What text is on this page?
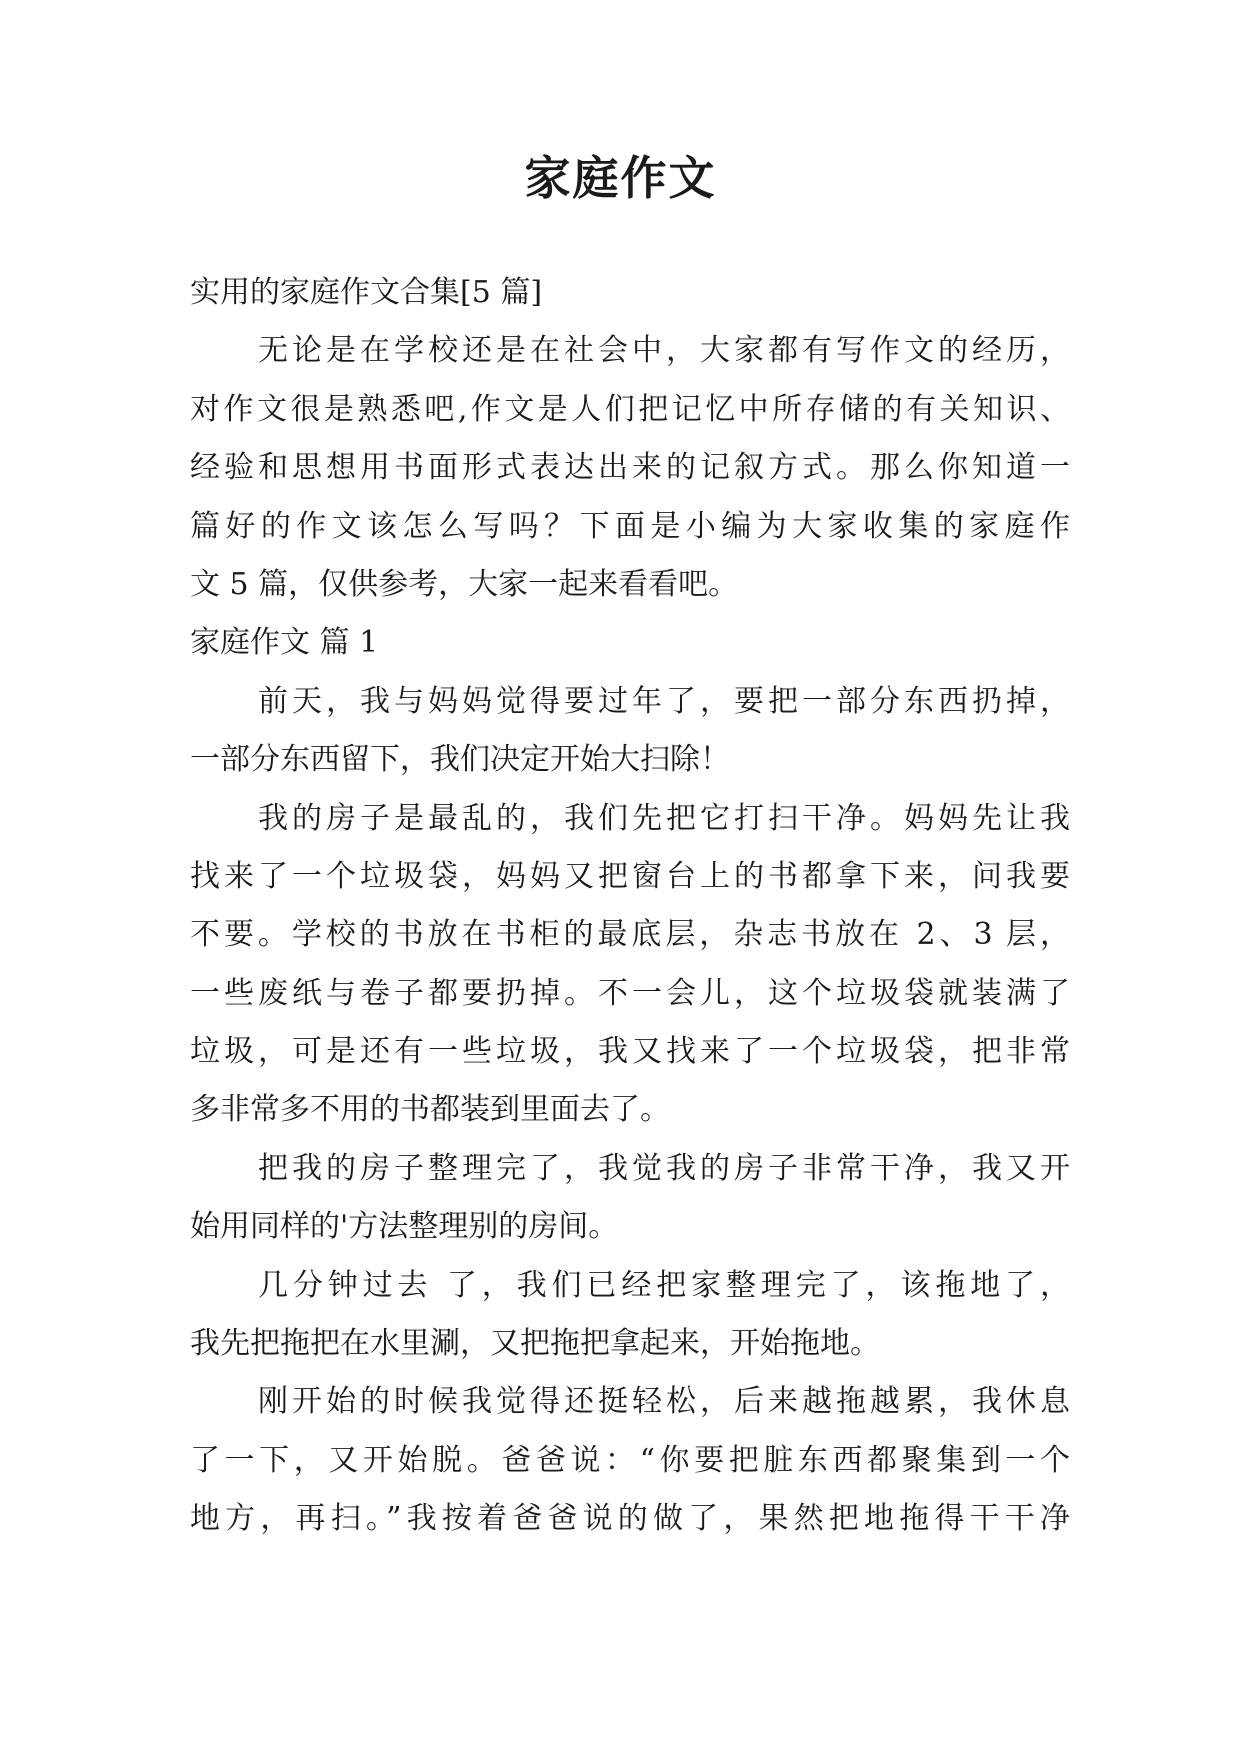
家庭作文
实用的家庭作文合集[5 篇]
无论是在学校还是在社会中，大家都有写作文的经历，
对作文很是熟悉吧,作文是人们把记忆中所存储的有关知识、
经验和思想用书面形式表达出来的记叙方式。那么你知道一
篇好的作文该怎么写吗？下面是小编为大家收集的家庭作
文 5 篇，仅供参考，大家一起来看看吧。
家庭作文 篇 1
前天，我与妈妈觉得要过年了，要把一部分东西扔掉，
一部分东西留下，我们决定开始大扫除！
我的房子是最乱的，我们先把它打扫干净。妈妈先让我
找来了一个垃圾袋，妈妈又把窗台上的书都拿下来，问我要
不要。学校的书放在书柜的最底层，杂志书放在 2、3 层，
一些废纸与卷子都要扔掉。不一会儿，这个垃圾袋就装满了
垃圾，可是还有一些垃圾，我又找来了一个垃圾袋，把非常
多非常多不用的书都装到里面去了。
把我的房子整理完了，我觉我的房子非常干净，我又开
始用同样的'方法整理别的房间。
几分钟过去 了，我们已经把家整理完了，该拖地了，
我先把拖把在水里涮，又把拖把拿起来，开始拖地。
刚开始的时候我觉得还挺轻松，后来越拖越累，我休息
了一下，又开始脱。爸爸说：“你要把脏东西都聚集到一个
地方，再扫。”我按着爸爸说的做了，果然把地拖得干干净
